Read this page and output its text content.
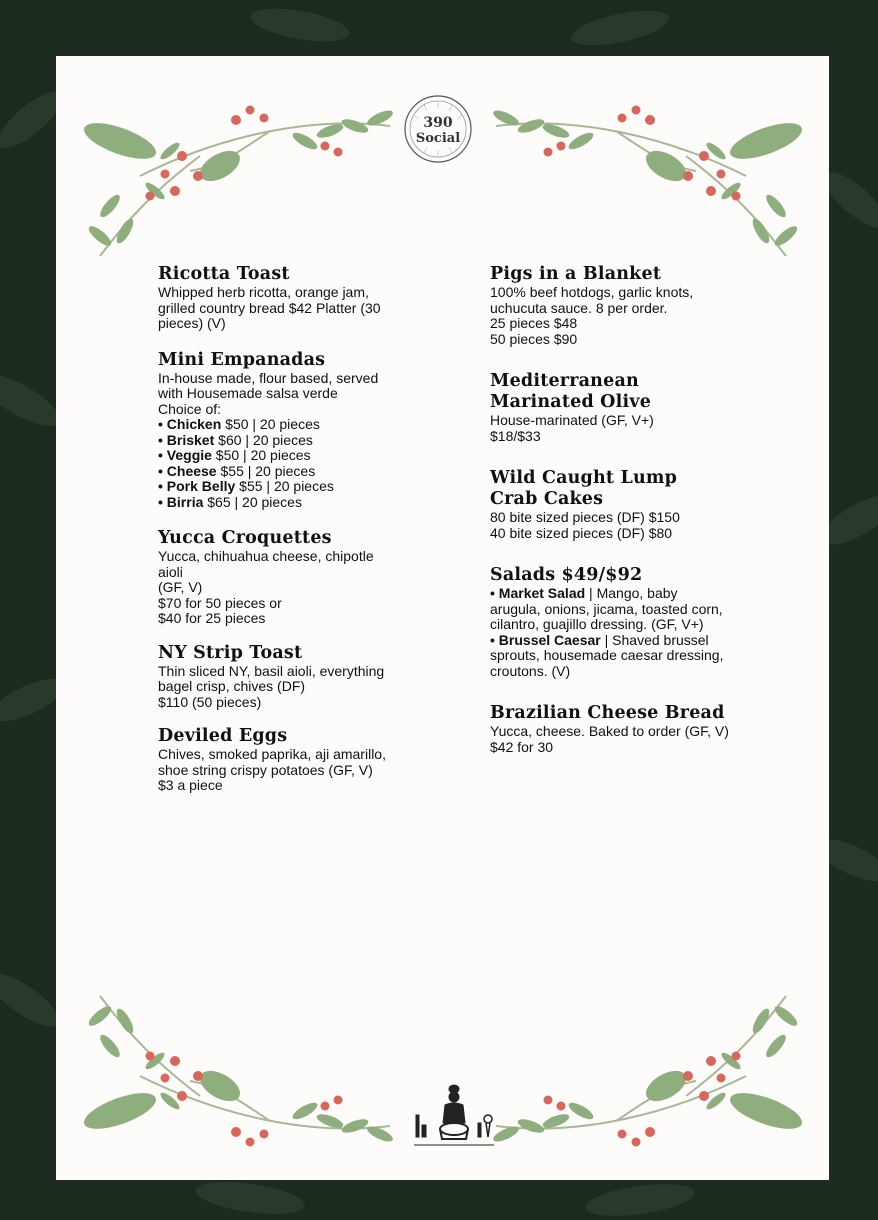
390
Social
Ricotta Toast
Whipped herb ricotta, orange jam,
grilled country bread $42 Platter (30
pieces) (V)
Mini Empanadas
In-house made, flour based, served
with Housemade salsa verde
Choice of:
• Chicken $50 | 20 pieces
• Brisket $60 | 20 pieces
• Veggie $50 | 20 pieces
• Cheese $55 | 20 pieces
• Pork Belly $55 | 20 pieces
• Birria $65 | 20 pieces
Yucca Croquettes
Yucca, chihuahua cheese, chipotle
aioli
(GF, V)
$70 for 50 pieces or
$40 for 25 pieces
NY Strip Toast
Thin sliced NY, basil aioli, everything
bagel crisp, chives (DF)
$110 (50 pieces)
Deviled Eggs
Chives, smoked paprika, aji amarillo,
shoe string crispy potatoes (GF, V)
$3 a piece
Pigs in a Blanket
100% beef hotdogs, garlic knots,
uchucuta sauce. 8 per order.
25 pieces $48
50 pieces $90
Mediterranean
Marinated Olive
House-marinated (GF, V+)
$18/$33
Wild Caught Lump
Crab Cakes
80 bite sized pieces (DF) $150
40 bite sized pieces (DF) $80
Salads $49/$92
• Market Salad | Mango, baby
arugula, onions, jicama, toasted corn,
cilantro, guajillo dressing. (GF, V+)
• Brussel Caesar | Shaved brussel
sprouts, housemade caesar dressing,
croutons. (V)
Brazilian Cheese Bread
Yucca, cheese. Baked to order (GF, V)
$42 for 30
